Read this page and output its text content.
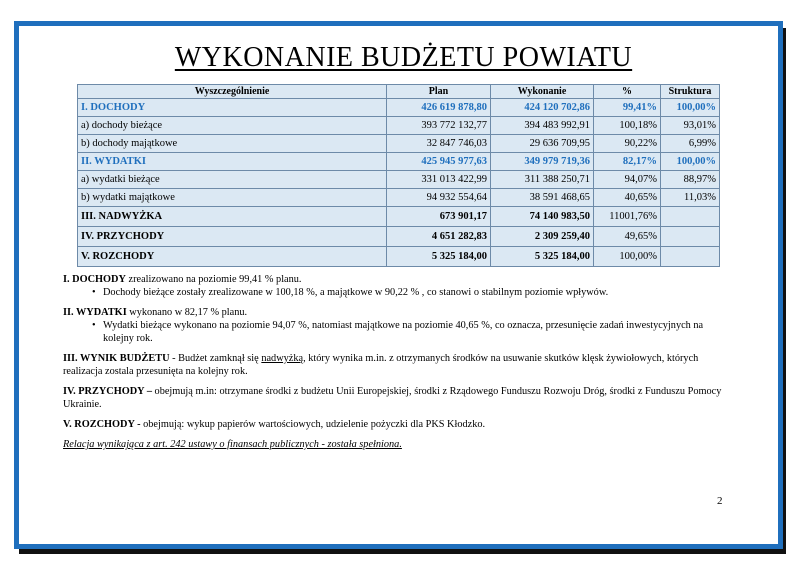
WYKONANIE BUDŻETU POWIATU
Wyszczególnienie	Plan	Wykonanie	%	Struktura
I. DOCHODY	426 619 878,80	424 120 702,86	99,41%	100,00%
a) dochody bieżące	393 772 132,77	394 483 992,91	100,18%	93,01%
b) dochody majątkowe	32 847 746,03	29 636 709,95	90,22%	6,99%
II. WYDATKI	425 945 977,63	349 979 719,36	82,17%	100,00%
a) wydatki bieżące	331 013 422,99	311 388 250,71	94,07%	88,97%
b) wydatki majątkowe	94 932 554,64	38 591 468,65	40,65%	11,03%
III. NADWYŻKA	673 901,17	74 140 983,50	11001,76%	
IV. PRZYCHODY	4 651 282,83	2 309 259,40	49,65%	
V. ROZCHODY	5 325 184,00	5 325 184,00	100,00%	

I. DOCHODY zrealizowano na poziomie 99,41 % planu.
• Dochody bieżące zostały zrealizowane w 100,18 %, a majątkowe w 90,22 % , co stanowi o stabilnym poziomie wpływów.

II. WYDATKI wykonano w 82,17 % planu.
• Wydatki bieżące wykonano na poziomie 94,07 %, natomiast majątkowe na poziomie 40,65 %, co oznacza, przesunięcie zadań inwestycyjnych na kolejny rok.

III. WYNIK BUDŻETU - Budżet zamknął się nadwyżką, który wynika m.in. z otrzymanych środków na usuwanie skutków klęsk żywiołowych, których realizacja zostala przesunięta na kolejny rok.

IV. PRZYCHODY – obejmują m.in: otrzymane środki z budżetu Unii Europejskiej, środki z Rządowego Funduszu Rozwoju Dróg, środki z Funduszu Pomocy Ukrainie.

V. ROZCHODY - obejmują: wykup papierów wartościowych, udzielenie pożyczki dla PKS Kłodzko.

Relacja wynikająca z art. 242 ustawy o finansach publicznych - została spełniona.

2
